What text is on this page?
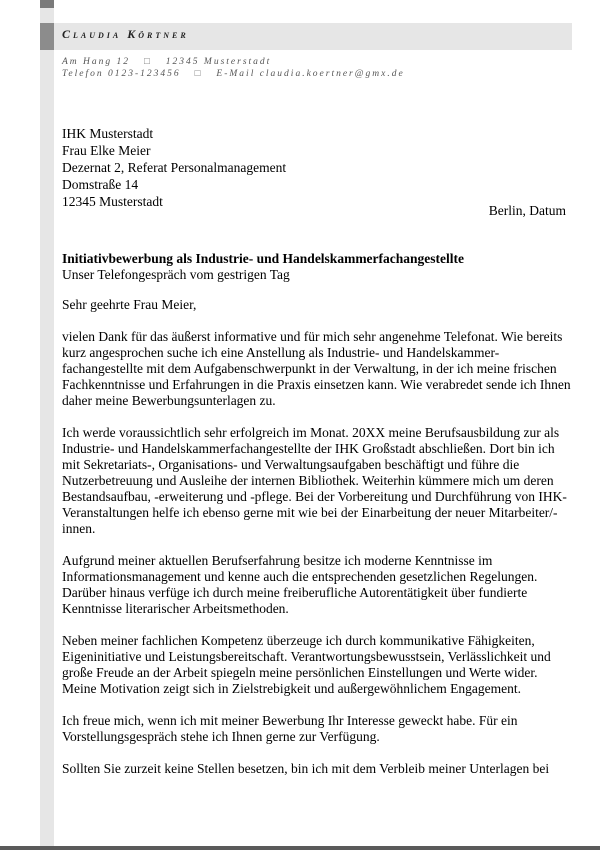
Claudia Körtner
Am Hang 12 □ 12345 Musterstadt
Telefon 0123-123456 □ E-Mail claudia.koertner@gmx.de
IHK Musterstadt
Frau Elke Meier
Dezernat 2, Referat Personalmanagement
Domstraße 14
12345 Musterstadt
Berlin, Datum
Initiativbewerbung als Industrie- und Handelskammerfachangestellte
Unser Telefongespräch vom gestrigen Tag

Sehr geehrte Frau Meier,

vielen Dank für das äußerst informative und für mich sehr angenehme Telefonat. Wie bereits kurz angesprochen suche ich eine Anstellung als Industrie- und Handelskammer-fachangestellte mit dem Aufgabenschwerpunkt in der Verwaltung, in der ich meine frischen Fachkenntnisse und Erfahrungen in die Praxis einsetzen kann. Wie verabredet sende ich Ihnen daher meine Bewerbungsunterlagen zu.

Ich werde voraussichtlich sehr erfolgreich im Monat. 20XX meine Berufsausbildung zur als Industrie- und Handelskammerfachangestellte der IHK Großstadt abschließen. Dort bin ich mit Sekretariats-, Organisations- und Verwaltungsaufgaben beschäftigt und führe die Nutzerbetreuung und Ausleihe der internen Bibliothek. Weiterhin kümmere mich um deren Bestandsaufbau, -erweiterung und -pflege. Bei der Vorbereitung und Durchführung von IHK-Veranstaltungen helfe ich ebenso gerne mit wie bei der Einarbeitung der neuer Mitarbeiter/-innen.

Aufgrund meiner aktuellen Berufserfahrung besitze ich moderne Kenntnisse im Informationsmanagement und kenne auch die entsprechenden gesetzlichen Regelungen. Darüber hinaus verfüge ich durch meine freiberufliche Autorentätigkeit über fundierte Kenntnisse literarischer Arbeitsmethoden.

Neben meiner fachlichen Kompetenz überzeuge ich durch kommunikative Fähigkeiten, Eigeninitiative und Leistungsbereitschaft. Verantwortungsbewusstsein, Verlässlichkeit und große Freude an der Arbeit spiegeln meine persönlichen Einstellungen und Werte wider. Meine Motivation zeigt sich in Zielstrebigkeit und außergewöhnlichem Engagement.

Ich freue mich, wenn ich mit meiner Bewerbung Ihr Interesse geweckt habe. Für ein Vorstellungsgespräch stehe ich Ihnen gerne zur Verfügung.

Sollten Sie zurzeit keine Stellen besetzen, bin ich mit dem Verbleib meiner Unterlagen bei
